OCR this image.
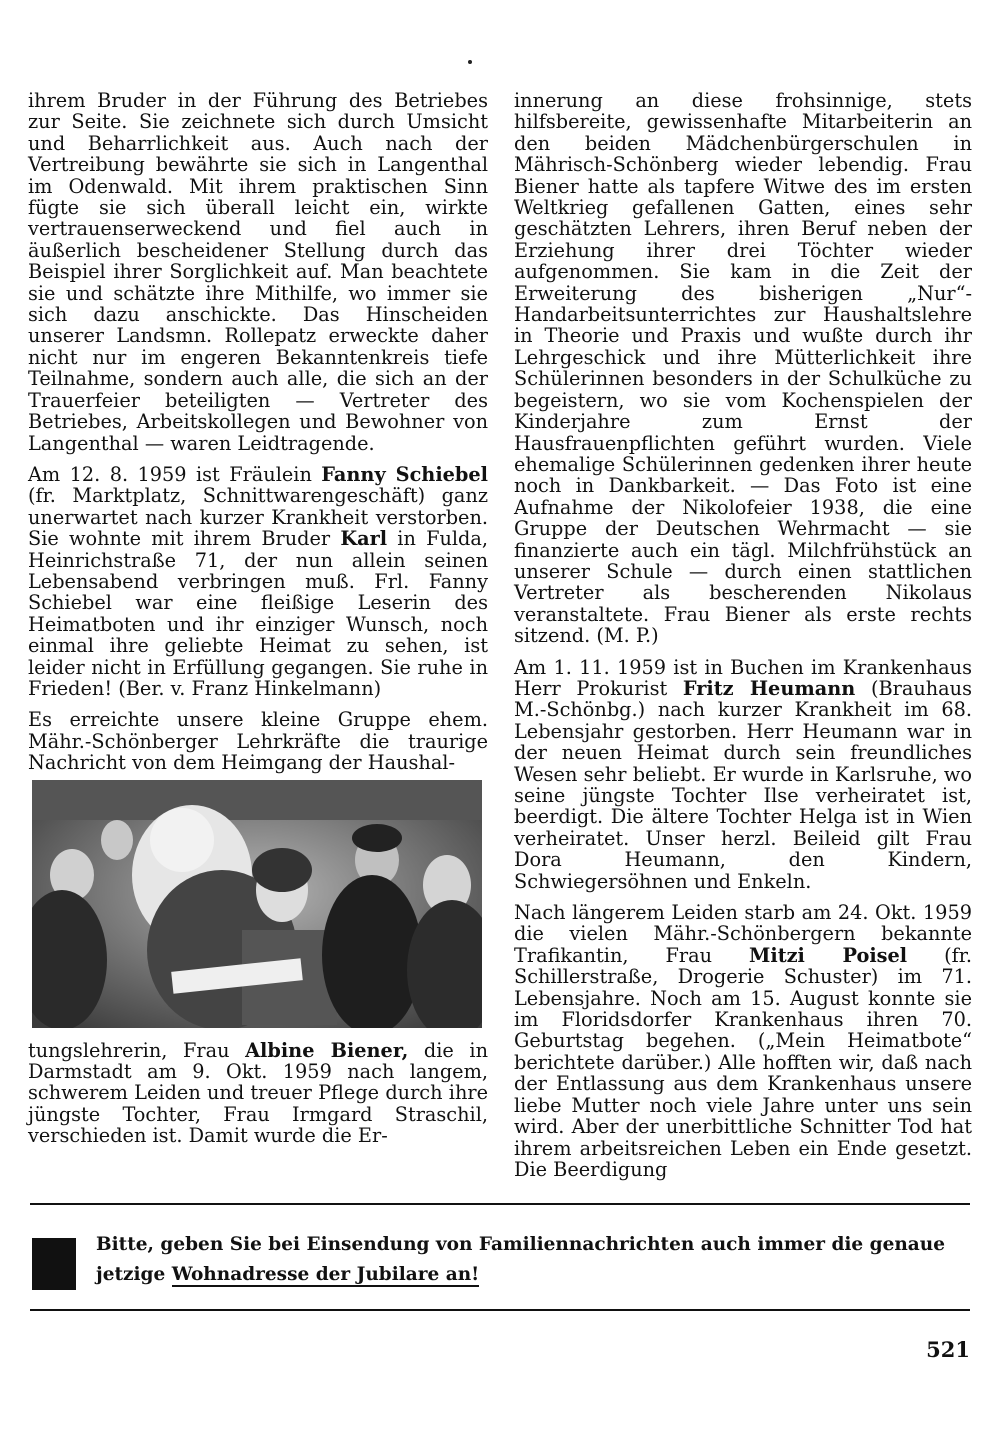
ihrem Bruder in der Führung des Betriebes zur Seite. Sie zeichnete sich durch Umsicht und Beharrlichkeit aus. Auch nach der Vertreibung bewährte sie sich in Langenthal im Odenwald. Mit ihrem praktischen Sinn fügte sie sich überall leicht ein, wirkte vertrauenserweckend und fiel auch in äußerlich bescheidener Stellung durch das Beispiel ihrer Sorglichkeit auf. Man beachtete sie und schätzte ihre Mithilfe, wo immer sie sich dazu anschickte. Das Hinscheiden unserer Landsmn. Rollepatz erweckte daher nicht nur im engeren Bekanntenkreis tiefe Teilnahme, sondern auch alle, die sich an der Trauerfeier beteiligten — Vertreter des Betriebes, Arbeitskollegen und Bewohner von Langenthal — waren Leidtragende.

Am 12. 8. 1959 ist Fräulein Fanny Schiebel (fr. Marktplatz, Schnittwarengeschäft) ganz unerwartet nach kurzer Krankheit verstorben. Sie wohnte mit ihrem Bruder Karl in Fulda, Heinrichstraße 71, der nun allein seinen Lebensabend verbringen muß. Frl. Fanny Schiebel war eine fleißige Leserin des Heimatboten und ihr einziger Wunsch, noch einmal ihre geliebte Heimat zu sehen, ist leider nicht in Erfüllung gegangen. Sie ruhe in Frieden! (Ber. v. Franz Hinkelmann)

Es erreichte unsere kleine Gruppe ehem. Mähr.-Schönberger Lehrkräfte die traurige Nachricht von dem Heimgang der Haushal-

tungslehrerin, Frau Albine Biener, die in Darmstadt am 9. Okt. 1959 nach langem, schwerem Leiden und treuer Pflege durch ihre jüngste Tochter, Frau Irmgard Straschil, verschieden ist. Damit wurde die Er-

innerung an diese frohsinnige, stets hilfsbereite, gewissenhafte Mitarbeiterin an den beiden Mädchenbürgerschulen in Mährisch-Schönberg wieder lebendig. Frau Biener hatte als tapfere Witwe des im ersten Weltkrieg gefallenen Gatten, eines sehr geschätzten Lehrers, ihren Beruf neben der Erziehung ihrer drei Töchter wieder aufgenommen. Sie kam in die Zeit der Erweiterung des bisherigen „Nur“-Handarbeitsunterrichtes zur Haushaltslehre in Theorie und Praxis und wußte durch ihr Lehrgeschick und ihre Mütterlichkeit ihre Schülerinnen besonders in der Schulküche zu begeistern, wo sie vom Kochenspielen der Kinderjahre zum Ernst der Hausfrauenpflichten geführt wurden. Viele ehemalige Schülerinnen gedenken ihrer heute noch in Dankbarkeit. — Das Foto ist eine Aufnahme der Nikolofeier 1938, die eine Gruppe der Deutschen Wehrmacht — sie finanzierte auch ein tägl. Milchfrühstück an unserer Schule — durch einen stattlichen Vertreter als bescherenden Nikolaus veranstaltete. Frau Biener als erste rechts sitzend. (M. P.)

Am 1. 11. 1959 ist in Buchen im Krankenhaus Herr Prokurist Fritz Heumann (Brauhaus M.-Schönbg.) nach kurzer Krankheit im 68. Lebensjahr gestorben. Herr Heumann war in der neuen Heimat durch sein freundliches Wesen sehr beliebt. Er wurde in Karlsruhe, wo seine jüngste Tochter Ilse verheiratet ist, beerdigt. Die ältere Tochter Helga ist in Wien verheiratet. Unser herzl. Beileid gilt Frau Dora Heumann, den Kindern, Schwiegersöhnen und Enkeln.

Nach längerem Leiden starb am 24. Okt. 1959 die vielen Mähr.-Schönbergern bekannte Trafikantin, Frau Mitzi Poisel (fr. Schillerstraße, Drogerie Schuster) im 71. Lebensjahre. Noch am 15. August konnte sie im Floridsdorfer Krankenhaus ihren 70. Geburtstag begehen. („Mein Heimatbote“ berichtete darüber.) Alle hofften wir, daß nach der Entlassung aus dem Krankenhaus unsere liebe Mutter noch viele Jahre unter uns sein wird. Aber der unerbittliche Schnitter Tod hat ihrem arbeitsreichen Leben ein Ende gesetzt. Die Beerdigung

Bitte, geben Sie bei Einsendung von Familiennachrichten auch immer die genaue
jetzige Wohnadresse der Jubilare an!
521
